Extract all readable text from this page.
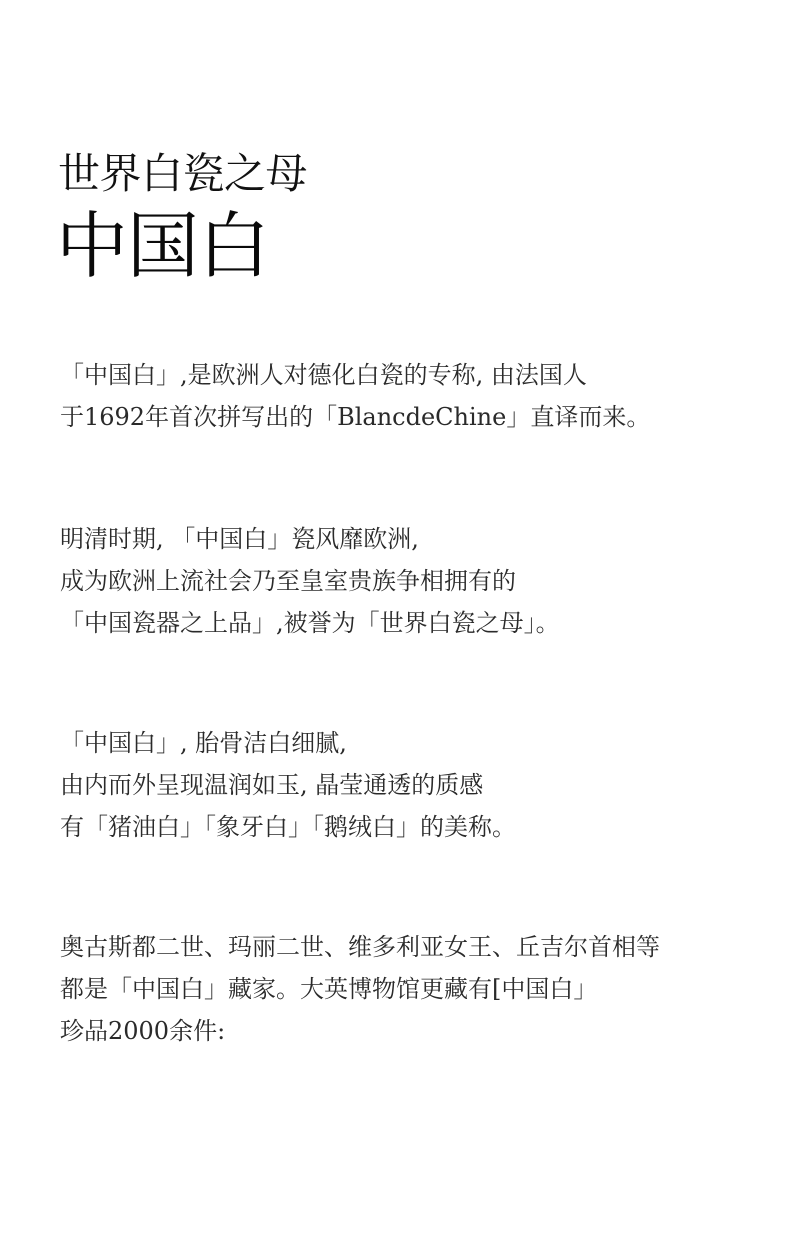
世界白瓷之母
中国白
「中国白」,是欧洲人对德化白瓷的专称, 由法国人
于1692年首次拼写出的「BlancdeChine」直译而来。
明清时期, 「中国白」瓷风靡欧洲,
成为欧洲上流社会乃至皇室贵族争相拥有的
「中国瓷器之上品」,被誉为「世界白瓷之母」。
「中国白」, 胎骨洁白细腻,
由内而外呈现温润如玉, 晶莹通透的质感
有「猪油白」「象牙白」「鹅绒白」的美称。
奥古斯都二世、玛丽二世、维多利亚女王、丘吉尔首相等
都是「中国白」藏家。大英博物馆更藏有[中国白」
珍品2000余件:
